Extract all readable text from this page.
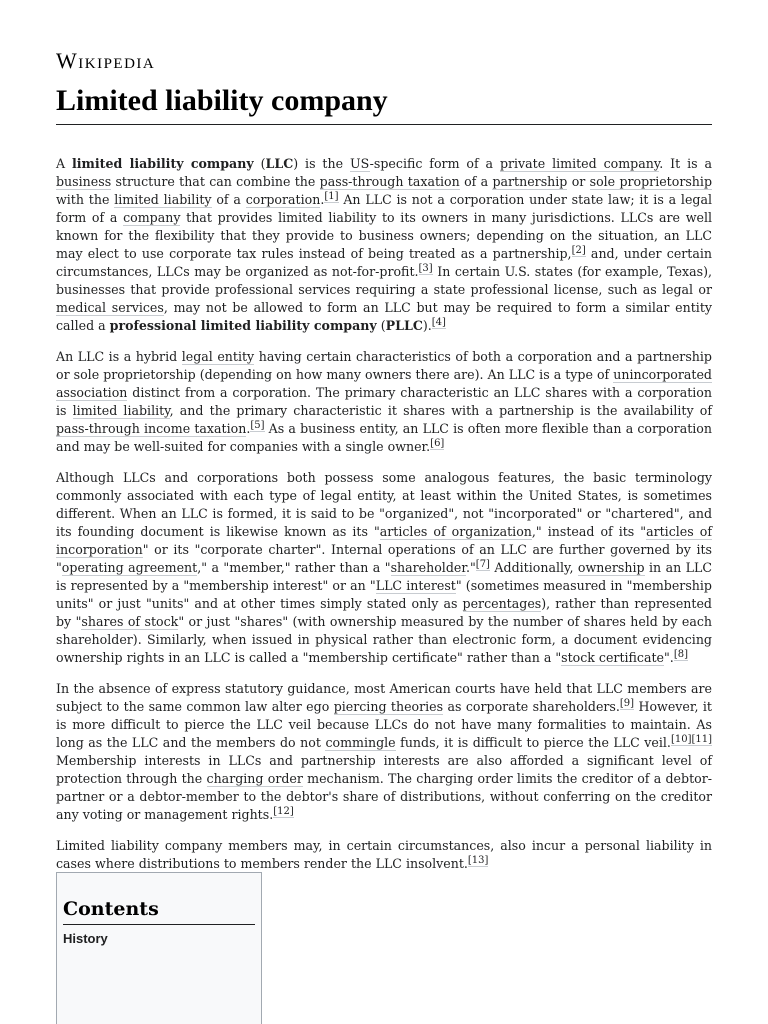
Wikipedia
Limited liability company

A limited liability company (LLC) is the US-specific form of a private limited company. It is a business structure that can combine the pass-through taxation of a partnership or sole proprietorship with the limited liability of a corporation.[1] An LLC is not a corporation under state law; it is a legal form of a company that provides limited liability to its owners in many jurisdictions. LLCs are well known for the flexibility that they provide to business owners; depending on the situation, an LLC may elect to use corporate tax rules instead of being treated as a partnership,[2] and, under certain circumstances, LLCs may be organized as not-for-profit.[3] In certain U.S. states (for example, Texas), businesses that provide professional services requiring a state professional license, such as legal or medical services, may not be allowed to form an LLC but may be required to form a similar entity called a professional limited liability company (PLLC).[4]

An LLC is a hybrid legal entity having certain characteristics of both a corporation and a partnership or sole proprietorship (depending on how many owners there are). An LLC is a type of unincorporated association distinct from a corporation. The primary characteristic an LLC shares with a corporation is limited liability, and the primary characteristic it shares with a partnership is the availability of pass-through income taxation.[5] As a business entity, an LLC is often more flexible than a corporation and may be well-suited for companies with a single owner.[6]

Although LLCs and corporations both possess some analogous features, the basic terminology commonly associated with each type of legal entity, at least within the United States, is sometimes different. When an LLC is formed, it is said to be "organized", not "incorporated" or "chartered", and its founding document is likewise known as its "articles of organization," instead of its "articles of incorporation" or its "corporate charter". Internal operations of an LLC are further governed by its "operating agreement," a "member," rather than a "shareholder."[7] Additionally, ownership in an LLC is represented by a "membership interest" or an "LLC interest" (sometimes measured in "membership units" or just "units" and at other times simply stated only as percentages), rather than represented by "shares of stock" or just "shares" (with ownership measured by the number of shares held by each shareholder). Similarly, when issued in physical rather than electronic form, a document evidencing ownership rights in an LLC is called a "membership certificate" rather than a "stock certificate".[8]

In the absence of express statutory guidance, most American courts have held that LLC members are subject to the same common law alter ego piercing theories as corporate shareholders.[9] However, it is more difficult to pierce the LLC veil because LLCs do not have many formalities to maintain. As long as the LLC and the members do not commingle funds, it is difficult to pierce the LLC veil.[10][11] Membership interests in LLCs and partnership interests are also afforded a significant level of protection through the charging order mechanism. The charging order limits the creditor of a debtor-partner or a debtor-member to the debtor's share of distributions, without conferring on the creditor any voting or management rights.[12]

Limited liability company members may, in certain circumstances, also incur a personal liability in cases where distributions to members render the LLC insolvent.[13]

Contents
History
